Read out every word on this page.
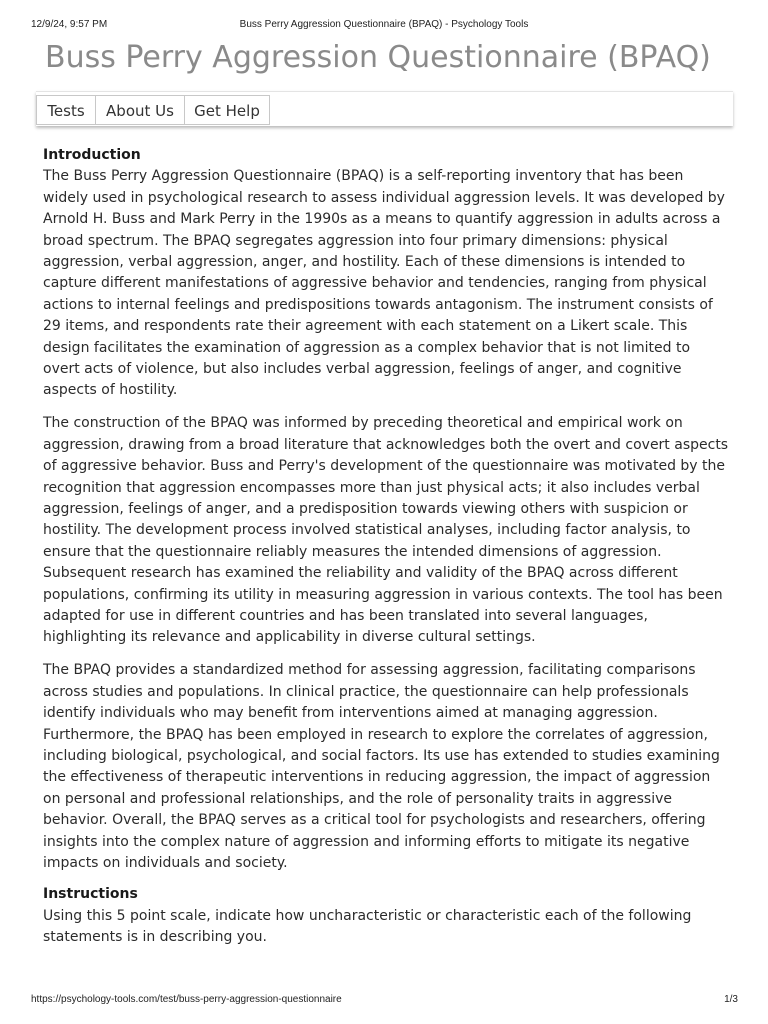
12/9/24, 9:57 PM	Buss Perry Aggression Questionnaire (BPAQ) - Psychology Tools
Buss Perry Aggression Questionnaire (BPAQ)
Tests	About Us	Get Help
Introduction

The Buss Perry Aggression Questionnaire (BPAQ) is a self-reporting inventory that has been widely used in psychological research to assess individual aggression levels. It was developed by Arnold H. Buss and Mark Perry in the 1990s as a means to quantify aggression in adults across a broad spectrum. The BPAQ segregates aggression into four primary dimensions: physical aggression, verbal aggression, anger, and hostility. Each of these dimensions is intended to capture different manifestations of aggressive behavior and tendencies, ranging from physical actions to internal feelings and predispositions towards antagonism. The instrument consists of 29 items, and respondents rate their agreement with each statement on a Likert scale. This design facilitates the examination of aggression as a complex behavior that is not limited to overt acts of violence, but also includes verbal aggression, feelings of anger, and cognitive aspects of hostility.

The construction of the BPAQ was informed by preceding theoretical and empirical work on aggression, drawing from a broad literature that acknowledges both the overt and covert aspects of aggressive behavior. Buss and Perry's development of the questionnaire was motivated by the recognition that aggression encompasses more than just physical acts; it also includes verbal aggression, feelings of anger, and a predisposition towards viewing others with suspicion or hostility. The development process involved statistical analyses, including factor analysis, to ensure that the questionnaire reliably measures the intended dimensions of aggression. Subsequent research has examined the reliability and validity of the BPAQ across different populations, confirming its utility in measuring aggression in various contexts. The tool has been adapted for use in different countries and has been translated into several languages, highlighting its relevance and applicability in diverse cultural settings.

The BPAQ provides a standardized method for assessing aggression, facilitating comparisons across studies and populations. In clinical practice, the questionnaire can help professionals identify individuals who may benefit from interventions aimed at managing aggression. Furthermore, the BPAQ has been employed in research to explore the correlates of aggression, including biological, psychological, and social factors. Its use has extended to studies examining the effectiveness of therapeutic interventions in reducing aggression, the impact of aggression on personal and professional relationships, and the role of personality traits in aggressive behavior. Overall, the BPAQ serves as a critical tool for psychologists and researchers, offering insights into the complex nature of aggression and informing efforts to mitigate its negative impacts on individuals and society.

Instructions

Using this 5 point scale, indicate how uncharacteristic or characteristic each of the following statements is in describing you.

https://psychology-tools.com/test/buss-perry-aggression-questionnaire	1/3
